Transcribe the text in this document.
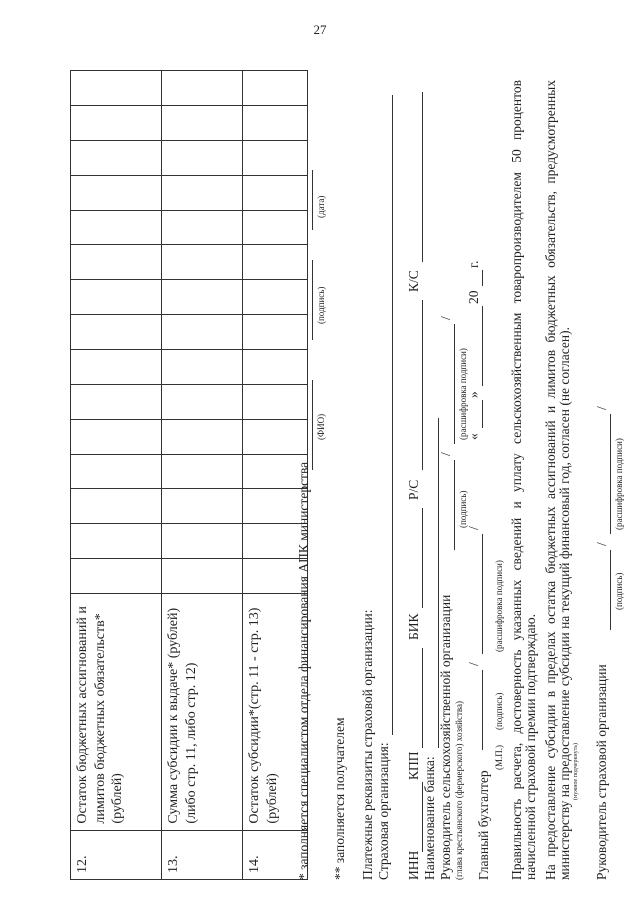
27
12.	Остаток бюджетных ассигнований и лимитов бюджетных обязательств* (рублей)															
13.	Сумма субсидии к выдаче* (рублей) (либо стр. 11, либо стр. 12)															
14.	Остаток субсидии*(стр. 11 - стр. 13) (рублей)															* заполняется специалистом отдела финансирования АПК министерства
(ФИО)
(подпись)
(дата)
** заполняется получателем Платежные реквизиты страховой организации: Страховая организация: ИНН
КПП
БИК
Р/С
К/С
Наименование банка: Руководитель сельскохозяйственной организации
/
/
(глава крестьянского (фермерского) хозяйства)
(подпись)
(расшифровка подписи)
Главный бухгалтер
/
/
«
»
20
г.
(М.П.)
(подпись)
(расшифровка подписи) Правильность расчета, достоверность указанных сведений и уплату сельскохозяйственным товаропроизводителем 50 процентов начисленной страховой премии подтверждаю. На предоставление субсидии в пределах остатка бюджетных ассигнований и лимитов бюджетных обязательств, предусмотренных министерству на предоставление субсидии на текущий финансовый год, согласен (не согласен). (нужное подчеркнуть) Руководитель страховой организации
/
/
(подпись)
(расшифровка подписи)
